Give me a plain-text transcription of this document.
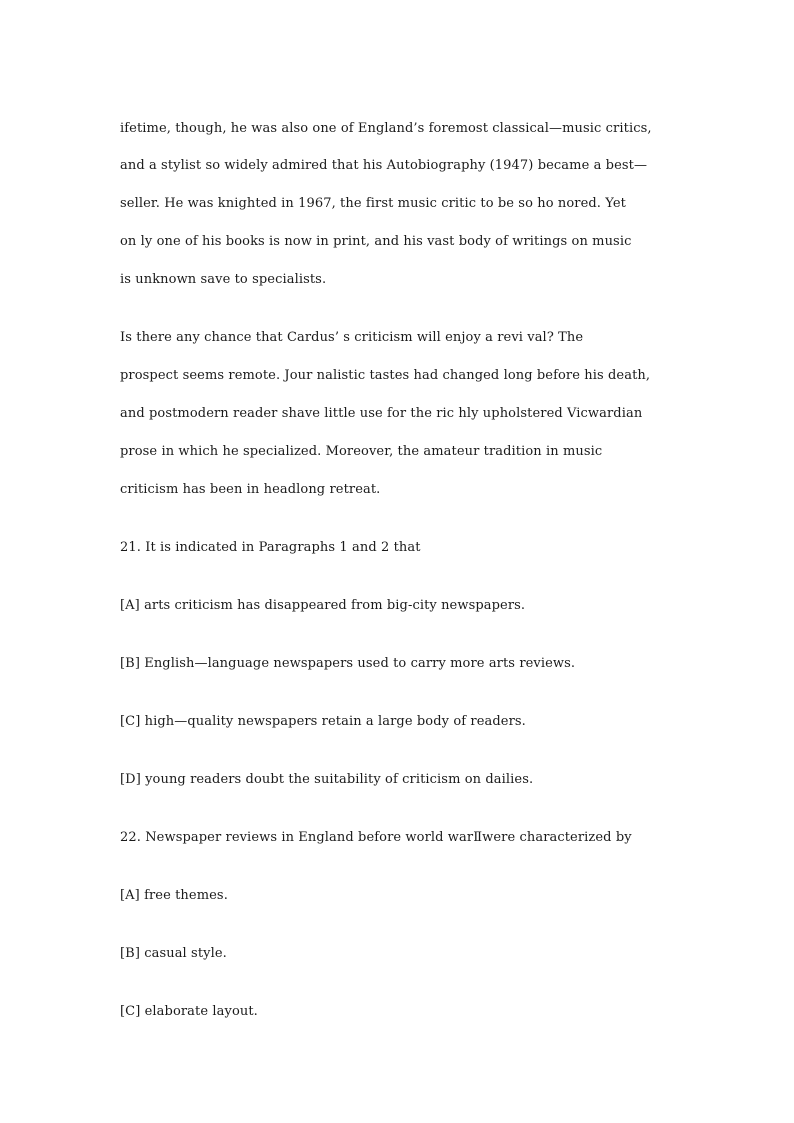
ifetime, though, he was also one of England’s foremost classical—music critics,
and a stylist so widely admired that his Autobiography (1947) became a best—
seller. He was knighted in 1967, the first music critic to be so ho nored. Yet
on ly one of his books is now in print, and his vast body of writings on music
is unknown save to specialists.
Is there any chance that Cardus’ s criticism will enjoy a revi val? The
prospect seems remote. Jour nalistic tastes had changed long before his death,
and postmodern reader shave little use for the ric hly upholstered Vicwardian
prose in which he specialized. Moreover, the amateur tradition in music
criticism has been in headlong retreat.
21. It is indicated in Paragraphs 1 and 2 that
[A] arts criticism has disappeared from big-city newspapers.
[B] English—language newspapers used to carry more arts reviews.
[C] high—quality newspapers retain a large body of readers.
[D] young readers doubt the suitability of criticism on dailies.
22. Newspaper reviews in England before world warⅡwere characterized by
[A] free themes.
[B] casual style.
[C] elaborate layout.
